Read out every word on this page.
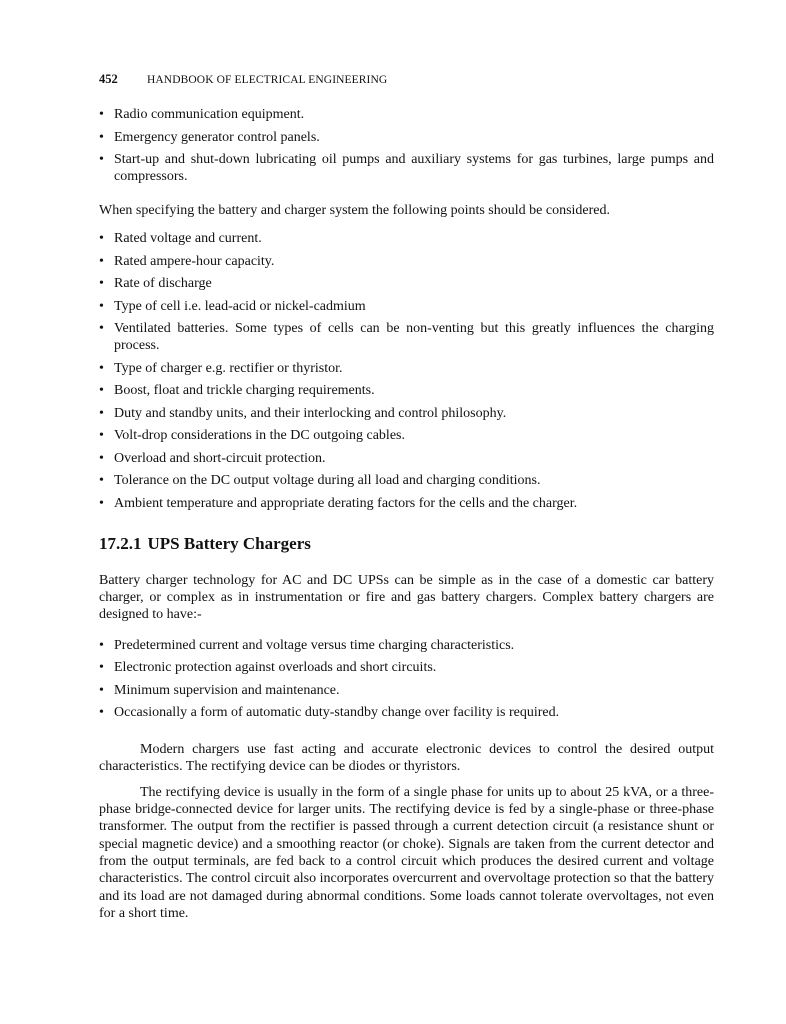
452	HANDBOOK OF ELECTRICAL ENGINEERING
• Radio communication equipment.
• Emergency generator control panels.
• Start-up and shut-down lubricating oil pumps and auxiliary systems for gas turbines, large pumps and compressors.

When specifying the battery and charger system the following points should be considered.

• Rated voltage and current.
• Rated ampere-hour capacity.
• Rate of discharge
• Type of cell i.e. lead-acid or nickel-cadmium
• Ventilated batteries. Some types of cells can be non-venting but this greatly influences the charging process.
• Type of charger e.g. rectifier or thyristor.
• Boost, float and trickle charging requirements.
• Duty and standby units, and their interlocking and control philosophy.
• Volt-drop considerations in the DC outgoing cables.
• Overload and short-circuit protection.
• Tolerance on the DC output voltage during all load and charging conditions.
• Ambient temperature and appropriate derating factors for the cells and the charger.
17.2.1 UPS Battery Chargers

Battery charger technology for AC and DC UPSs can be simple as in the case of a domestic car battery charger, or complex as in instrumentation or fire and gas battery chargers. Complex battery chargers are designed to have:-

• Predetermined current and voltage versus time charging characteristics.
• Electronic protection against overloads and short circuits.
• Minimum supervision and maintenance.
• Occasionally a form of automatic duty-standby change over facility is required.

Modern chargers use fast acting and accurate electronic devices to control the desired output characteristics. The rectifying device can be diodes or thyristors.

The rectifying device is usually in the form of a single phase for units up to about 25 kVA, or a three-phase bridge-connected device for larger units. The rectifying device is fed by a single-phase or three-phase transformer. The output from the rectifier is passed through a current detection circuit (a resistance shunt or special magnetic device) and a smoothing reactor (or choke). Signals are taken from the current detector and from the output terminals, are fed back to a control circuit which produces the desired current and voltage characteristics. The control circuit also incorporates overcurrent and overvoltage protection so that the battery and its load are not damaged during abnormal conditions. Some loads cannot tolerate overvoltages, not even for a short time.
